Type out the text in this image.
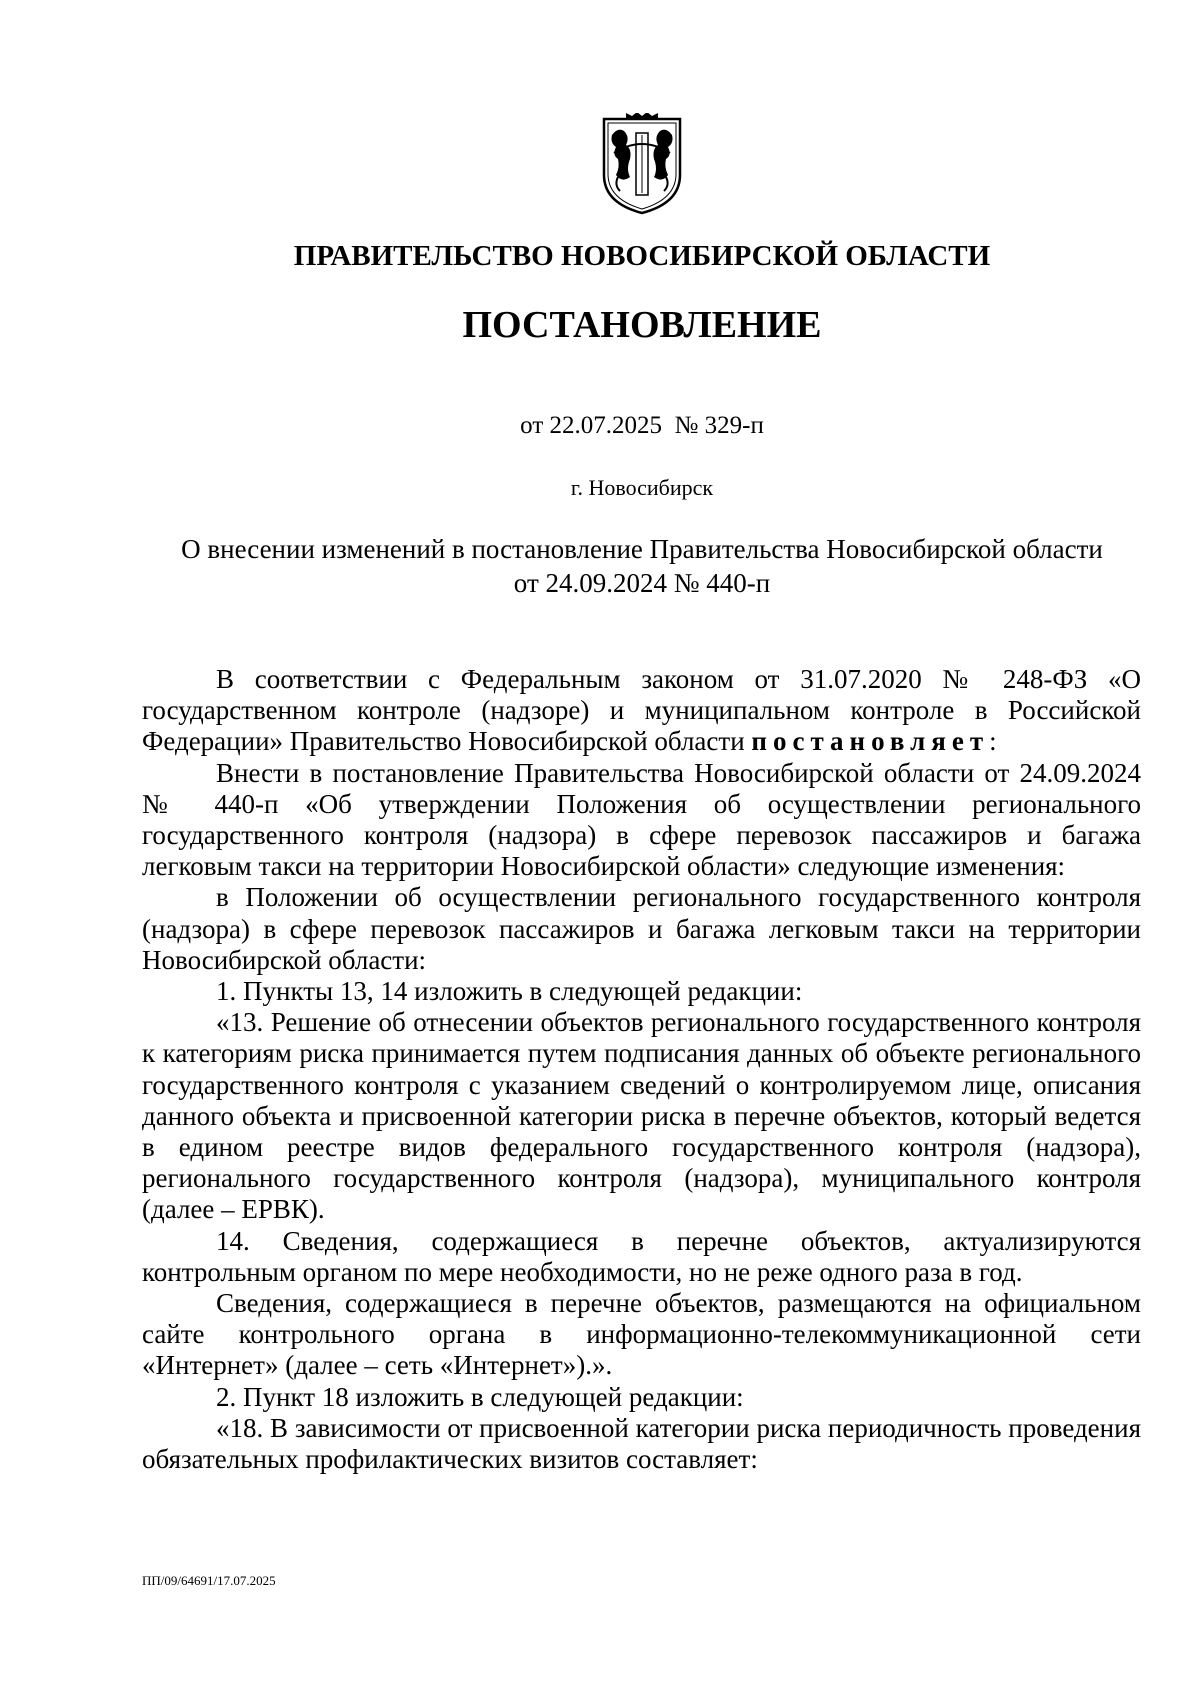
ПРАВИТЕЛЬСТВО НОВОСИБИРСКОЙ ОБЛАСТИ
ПОСТАНОВЛЕНИЕ
от 22.07.2025 № 329-п
г. Новосибирск
О внесении изменений в постановление Правительства Новосибирской области
от 24.09.2024 № 440-п

В соответствии с Федеральным законом от 31.07.2020 № 248-ФЗ «О государственном контроле (надзоре) и муниципальном контроле в Российской Федерации» Правительство Новосибирской области постановляет:

Внести в постановление Правительства Новосибирской области от 24.09.2024 № 440-п «Об утверждении Положения об осуществлении регионального государственного контроля (надзора) в сфере перевозок пассажиров и багажа легковым такси на территории Новосибирской области» следующие изменения:

в Положении об осуществлении регионального государственного контроля (надзора) в сфере перевозок пассажиров и багажа легковым такси на территории Новосибирской области:

1. Пункты 13, 14 изложить в следующей редакции:

«13. Решение об отнесении объектов регионального государственного контроля к категориям риска принимается путем подписания данных об объекте регионального государственного контроля с указанием сведений о контролируемом лице, описания данного объекта и присвоенной категории риска в перечне объектов, который ведется в едином реестре видов федерального государственного контроля (надзора), регионального государственного контроля (надзора), муниципального контроля (далее – ЕРВК).

14. Сведения, содержащиеся в перечне объектов, актуализируются контрольным органом по мере необходимости, но не реже одного раза в год.

Сведения, содержащиеся в перечне объектов, размещаются на официальном сайте контрольного органа в информационно-телекоммуникационной сети «Интернет» (далее – сеть «Интернет»).».

2. Пункт 18 изложить в следующей редакции:

«18. В зависимости от присвоенной категории риска периодичность проведения обязательных профилактических визитов составляет:

ПП/09/64691/17.07.2025
